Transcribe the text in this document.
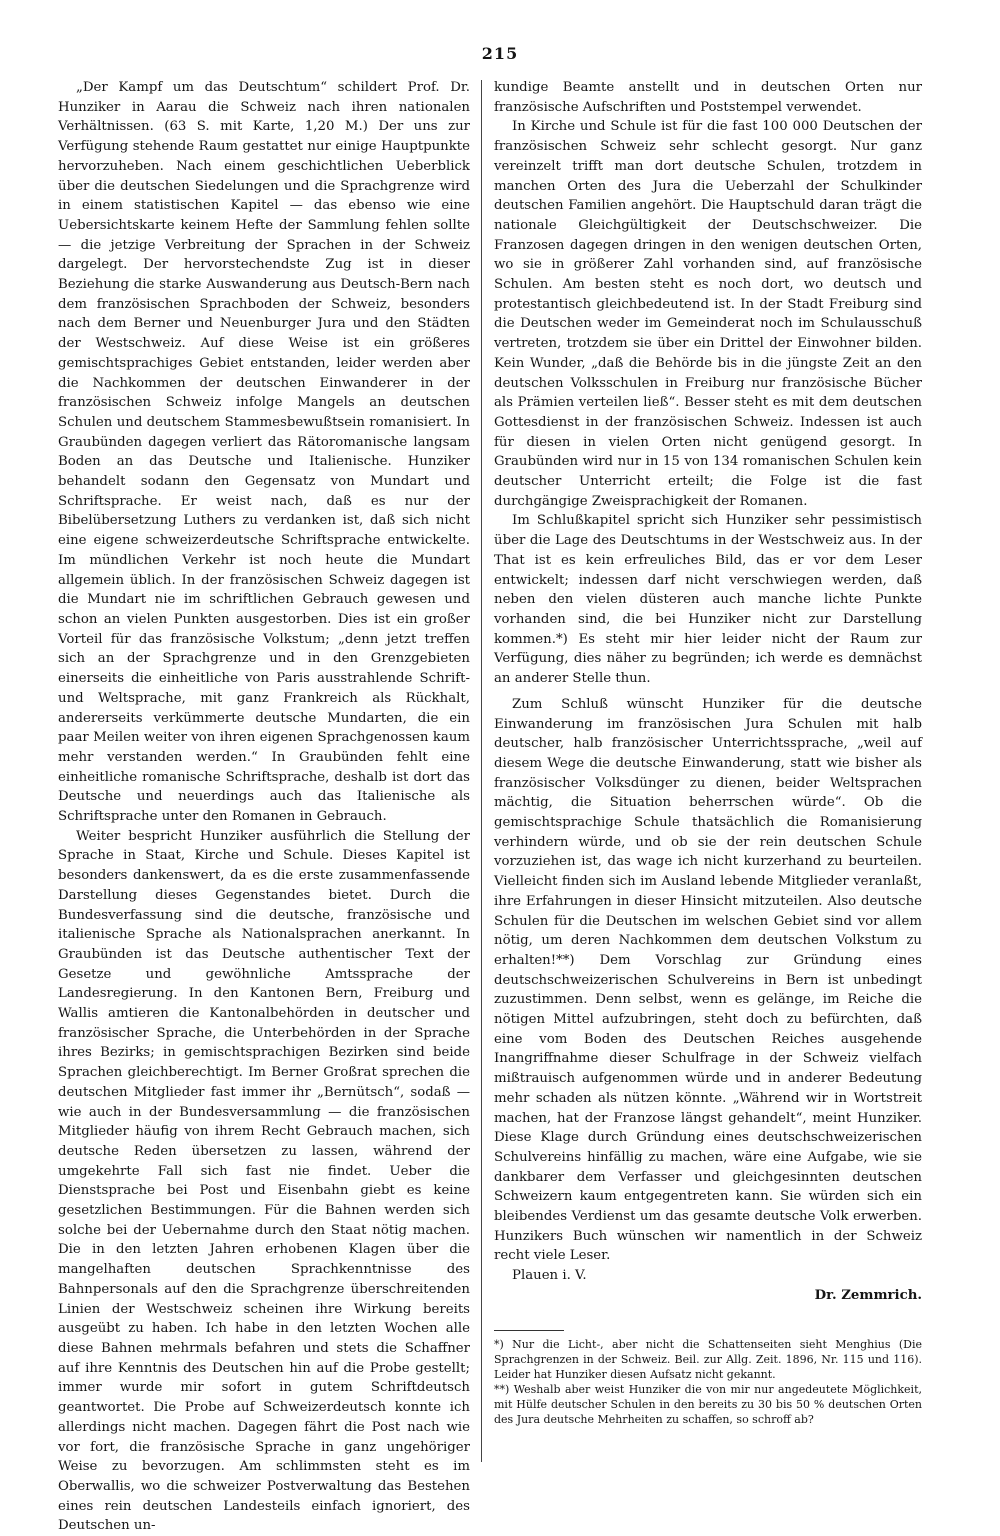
215

„Der Kampf um das Deutschtum“ schildert Prof. Dr. Hunziker in Aarau die Schweiz nach ihren nationalen Verhältnissen. (63 S. mit Karte, 1,20 M.) Der uns zur Verfügung stehende Raum gestattet nur einige Hauptpunkte hervorzuheben. Nach einem geschichtlichen Ueberblick über die deutschen Siedelungen und die Sprachgrenze wird in einem statistischen Kapitel — das ebenso wie eine Uebersichtskarte keinem Hefte der Sammlung fehlen sollte — die jetzige Verbreitung der Sprachen in der Schweiz dargelegt. Der hervorstechendste Zug ist in dieser Beziehung die starke Auswanderung aus Deutsch-Bern nach dem französischen Sprachboden der Schweiz, besonders nach dem Berner und Neuenburger Jura und den Städten der Westschweiz. Auf diese Weise ist ein größeres gemischtsprachiges Gebiet entstanden, leider werden aber die Nachkommen der deutschen Einwanderer in der französischen Schweiz infolge Mangels an deutschen Schulen und deutschem Stammesbewußtsein romanisiert. In Graubünden dagegen verliert das Rätoromanische langsam Boden an das Deutsche und Italienische. Hunziker behandelt sodann den Gegensatz von Mundart und Schriftsprache. Er weist nach, daß es nur der Bibelübersetzung Luthers zu verdanken ist, daß sich nicht eine eigene schweizerdeutsche Schriftsprache entwickelte. Im mündlichen Verkehr ist noch heute die Mundart allgemein üblich. In der französischen Schweiz dagegen ist die Mundart nie im schriftlichen Gebrauch gewesen und schon an vielen Punkten ausgestorben. Dies ist ein großer Vorteil für das französische Volkstum; „denn jetzt treffen sich an der Sprachgrenze und in den Grenzgebieten einerseits die einheitliche von Paris ausstrahlende Schrift- und Weltsprache, mit ganz Frankreich als Rückhalt, andererseits verkümmerte deutsche Mundarten, die ein paar Meilen weiter von ihren eigenen Sprachgenossen kaum mehr verstanden werden.“ In Graubünden fehlt eine einheitliche romanische Schriftsprache, deshalb ist dort das Deutsche und neuerdings auch das Italienische als Schriftsprache unter den Romanen in Gebrauch.

Weiter bespricht Hunziker ausführlich die Stellung der Sprache in Staat, Kirche und Schule. Dieses Kapitel ist besonders dankenswert, da es die erste zusammenfassende Darstellung dieses Gegenstandes bietet. Durch die Bundesverfassung sind die deutsche, französische und italienische Sprache als Nationalsprachen anerkannt. In Graubünden ist das Deutsche authentischer Text der Gesetze und gewöhnliche Amtssprache der Landesregierung. In den Kantonen Bern, Freiburg und Wallis amtieren die Kantonalbehörden in deutscher und französischer Sprache, die Unterbehörden in der Sprache ihres Bezirks; in gemischtsprachigen Bezirken sind beide Sprachen gleichberechtigt. Im Berner Großrat sprechen die deutschen Mitglieder fast immer ihr „Bernütsch“, sodaß — wie auch in der Bundesversammlung — die französischen Mitglieder häufig von ihrem Recht Gebrauch machen, sich deutsche Reden übersetzen zu lassen, während der umgekehrte Fall sich fast nie findet. Ueber die Dienstsprache bei Post und Eisenbahn giebt es keine gesetzlichen Bestimmungen. Für die Bahnen werden sich solche bei der Uebernahme durch den Staat nötig machen. Die in den letzten Jahren erhobenen Klagen über die mangelhaften deutschen Sprachkenntnisse des Bahnpersonals auf den die Sprachgrenze überschreitenden Linien der Westschweiz scheinen ihre Wirkung bereits ausgeübt zu haben. Ich habe in den letzten Wochen alle diese Bahnen mehrmals befahren und stets die Schaffner auf ihre Kenntnis des Deutschen hin auf die Probe gestellt; immer wurde mir sofort in gutem Schriftdeutsch geantwortet. Die Probe auf Schweizerdeutsch konnte ich allerdings nicht machen. Dagegen fährt die Post nach wie vor fort, die französische Sprache in ganz ungehöriger Weise zu bevorzugen. Am schlimmsten steht es im Oberwallis, wo die schweizer Postverwaltung das Bestehen eines rein deutschen Landesteils einfach ignoriert, des Deutschen un-

kundige Beamte anstellt und in deutschen Orten nur französische Aufschriften und Poststempel verwendet.

In Kirche und Schule ist für die fast 100 000 Deutschen der französischen Schweiz sehr schlecht gesorgt. Nur ganz vereinzelt trifft man dort deutsche Schulen, trotzdem in manchen Orten des Jura die Ueberzahl der Schulkinder deutschen Familien angehört. Die Hauptschuld daran trägt die nationale Gleichgültigkeit der Deutschschweizer. Die Franzosen dagegen dringen in den wenigen deutschen Orten, wo sie in größerer Zahl vorhanden sind, auf französische Schulen. Am besten steht es noch dort, wo deutsch und protestantisch gleichbedeutend ist. In der Stadt Freiburg sind die Deutschen weder im Gemeinderat noch im Schulausschuß vertreten, trotzdem sie über ein Drittel der Einwohner bilden. Kein Wunder, „daß die Behörde bis in die jüngste Zeit an den deutschen Volksschulen in Freiburg nur französische Bücher als Prämien verteilen ließ“. Besser steht es mit dem deutschen Gottesdienst in der französischen Schweiz. Indessen ist auch für diesen in vielen Orten nicht genügend gesorgt. In Graubünden wird nur in 15 von 134 romanischen Schulen kein deutscher Unterricht erteilt; die Folge ist die fast durchgängige Zweisprachigkeit der Romanen.

Im Schlußkapitel spricht sich Hunziker sehr pessimistisch über die Lage des Deutschtums in der Westschweiz aus. In der That ist es kein erfreuliches Bild, das er vor dem Leser entwickelt; indessen darf nicht verschwiegen werden, daß neben den vielen düsteren auch manche lichte Punkte vorhanden sind, die bei Hunziker nicht zur Darstellung kommen.*) Es steht mir hier leider nicht der Raum zur Verfügung, dies näher zu begründen; ich werde es demnächst an anderer Stelle thun.

Zum Schluß wünscht Hunziker für die deutsche Einwanderung im französischen Jura Schulen mit halb deutscher, halb französischer Unterrichtssprache, „weil auf diesem Wege die deutsche Einwanderung, statt wie bisher als französischer Volksdünger zu dienen, beider Weltsprachen mächtig, die Situation beherrschen würde“. Ob die gemischtsprachige Schule thatsächlich die Romanisierung verhindern würde, und ob sie der rein deutschen Schule vorzuziehen ist, das wage ich nicht kurzerhand zu beurteilen. Vielleicht finden sich im Ausland lebende Mitglieder veranlaßt, ihre Erfahrungen in dieser Hinsicht mitzuteilen. Also deutsche Schulen für die Deutschen im welschen Gebiet sind vor allem nötig, um deren Nachkommen dem deutschen Volkstum zu erhalten!**) Dem Vorschlag zur Gründung eines deutschschweizerischen Schulvereins in Bern ist unbedingt zuzustimmen. Denn selbst, wenn es gelänge, im Reiche die nötigen Mittel aufzubringen, steht doch zu befürchten, daß eine vom Boden des Deutschen Reiches ausgehende Inangriffnahme dieser Schulfrage in der Schweiz vielfach mißtrauisch aufgenommen würde und in anderer Bedeutung mehr schaden als nützen könnte. „Während wir in Wortstreit machen, hat der Franzose längst gehandelt“, meint Hunziker. Diese Klage durch Gründung eines deutschschweizerischen Schulvereins hinfällig zu machen, wäre eine Aufgabe, wie sie dankbarer dem Verfasser und gleichgesinnten deutschen Schweizern kaum entgegentreten kann. Sie würden sich ein bleibendes Verdienst um das gesamte deutsche Volk erwerben. Hunzikers Buch wünschen wir namentlich in der Schweiz recht viele Leser.

Plauen i. V.
Dr. Zemmrich.

*) Nur die Licht-, aber nicht die Schattenseiten sieht Menghius (Die Sprachgrenzen in der Schweiz. Beil. zur Allg. Zeit. 1896, Nr. 115 und 116). Leider hat Hunziker diesen Aufsatz nicht gekannt.

**) Weshalb aber weist Hunziker die von mir nur angedeutete Möglichkeit, mit Hülfe deutscher Schulen in den bereits zu 30 bis 50 % deutschen Orten des Jura deutsche Mehrheiten zu schaffen, so schroff ab?
